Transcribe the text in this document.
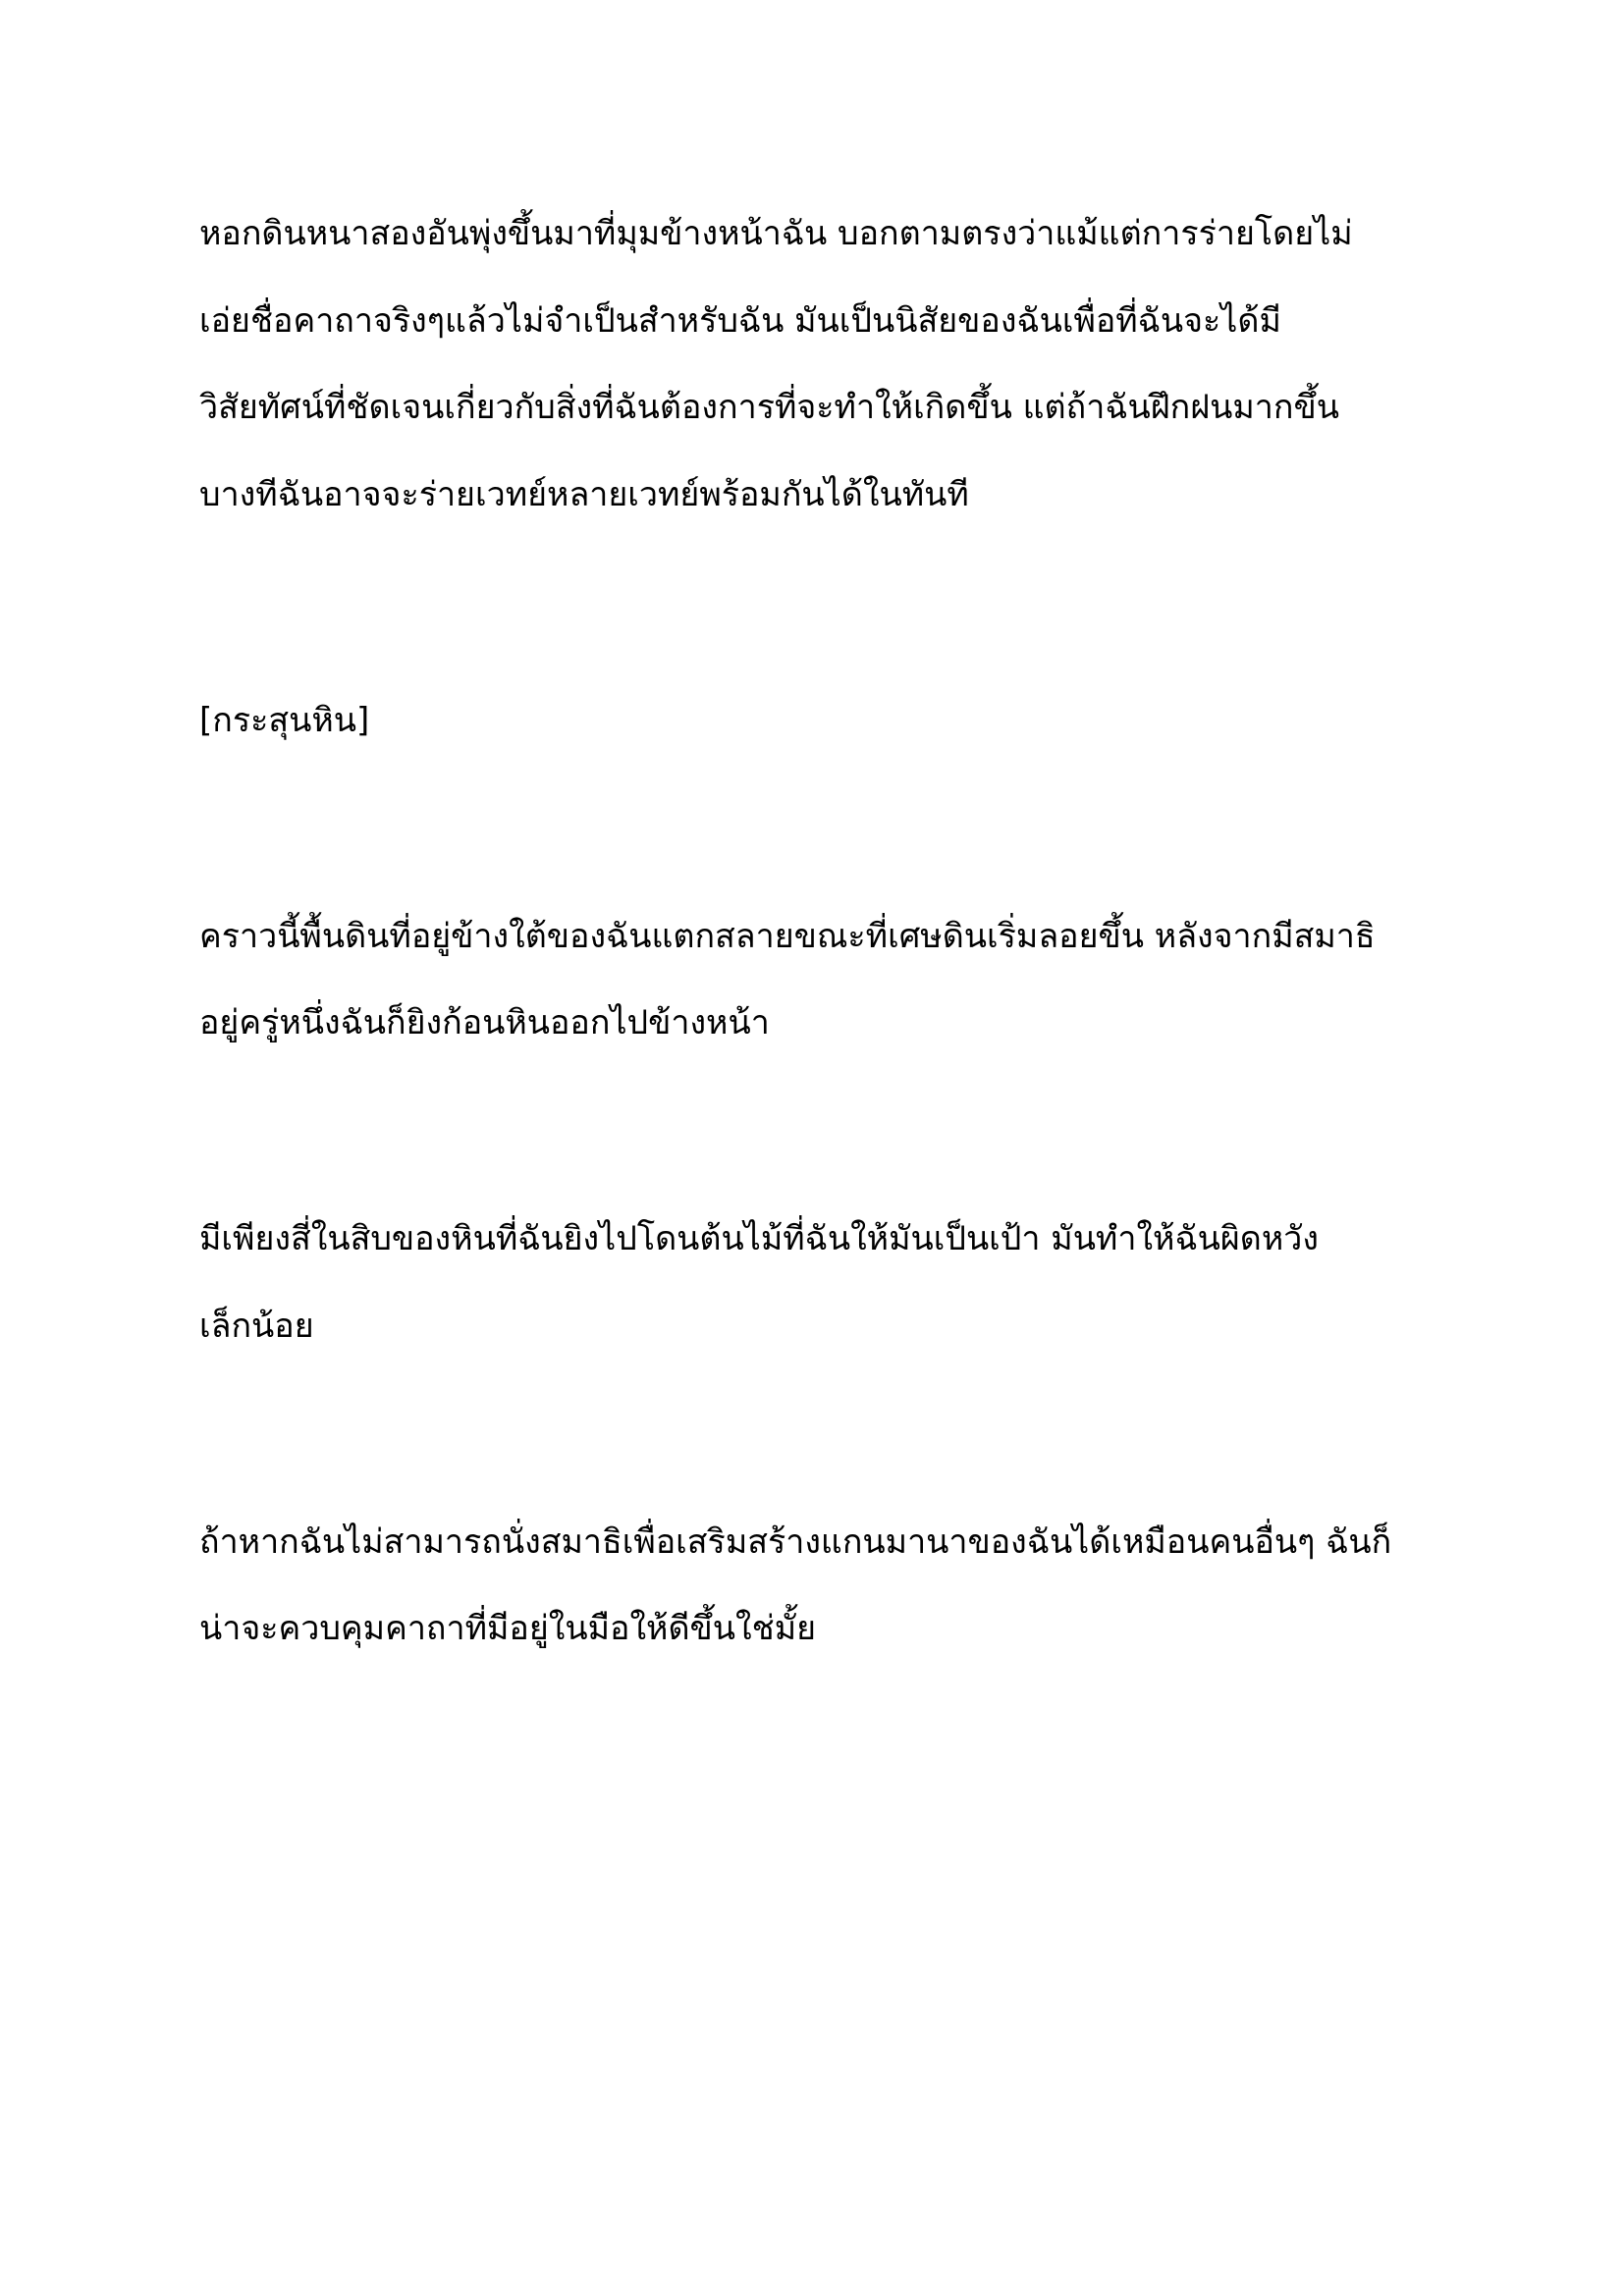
หอกดินหนาสองอันพุ่งขึ้นมาที่มุมข้างหน้าฉัน บอกตามตรงว่าแม้แต่การร่ายโดยไม่

เอ่ยชื่อคาถาจริงๆแล้วไม่จำเป็นสำหรับฉัน มันเป็นนิสัยของฉันเพื่อที่ฉันจะได้มี

วิสัยทัศน์ที่ชัดเจนเกี่ยวกับสิ่งที่ฉันต้องการที่จะทำให้เกิดขึ้น แต่ถ้าฉันฝึกฝนมากขึ้น

บางทีฉันอาจจะร่ายเวทย์หลายเวทย์พร้อมกันได้ในทันที

[กระสุนหิน]

คราวนี้พื้นดินที่อยู่ข้างใต้ของฉันแตกสลายขณะที่เศษดินเริ่มลอยขึ้น หลังจากมีสมาธิ

อยู่ครู่หนึ่งฉันก็ยิงก้อนหินออกไปข้างหน้า

มีเพียงสี่ในสิบของหินที่ฉันยิงไปโดนต้นไม้ที่ฉันให้มันเป็นเป้า มันทำให้ฉันผิดหวัง

เล็กน้อย

ถ้าหากฉันไม่สามารถนั่งสมาธิเพื่อเสริมสร้างแกนมานาของฉันได้เหมือนคนอื่นๆ ฉันก็

น่าจะควบคุมคาถาที่มีอยู่ในมือให้ดีขึ้นใช่มั้ย
